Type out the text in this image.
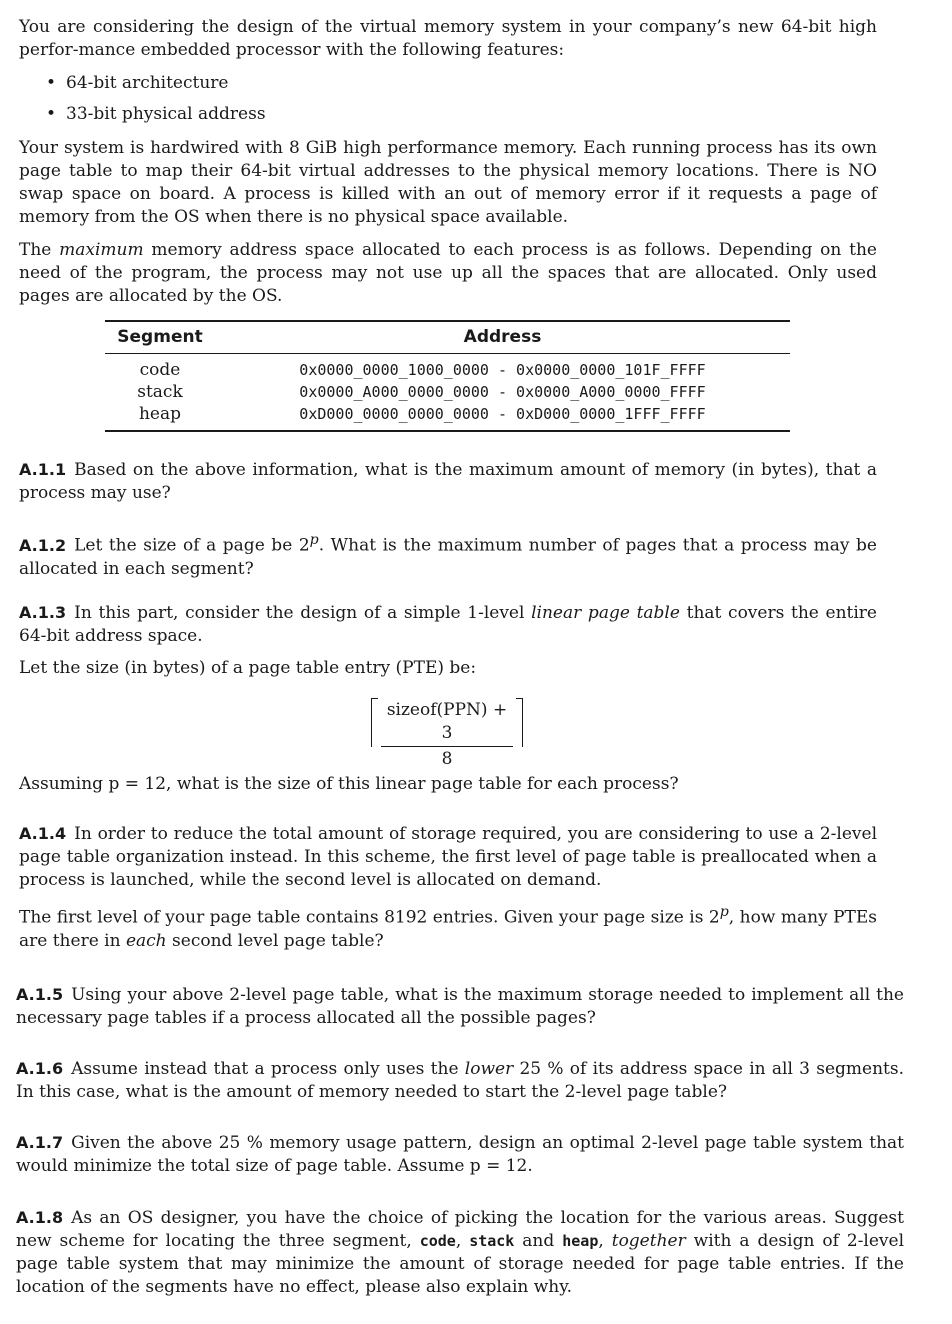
You are considering the design of the virtual memory system in your company’s new 64-bit high perfor-mance embedded processor with the following features:

• 64-bit architecture
• 33-bit physical address

Your system is hardwired with 8 GiB high performance memory. Each running process has its own page table to map their 64-bit virtual addresses to the physical memory locations. There is NO swap space on board. A process is killed with an out of memory error if it requests a page of memory from the OS when there is no physical space available.

The maximum memory address space allocated to each process is as follows. Depending on the need of the program, the process may not use up all the spaces that are allocated. Only used pages are allocated by the OS.

Segment	Address
code	0x0000_0000_1000_0000 - 0x0000_0000_101F_FFFF
stack	0x0000_A000_0000_0000 - 0x0000_A000_0000_FFFF
heap	0xD000_0000_0000_0000 - 0xD000_0000_1FFF_FFFF

A.1.1 Based on the above information, what is the maximum amount of memory (in bytes), that a process may use?

A.1.2 Let the size of a page be 2$^p$. What is the maximum number of pages that a process may be allocated in each segment?

A.1.3 In this part, consider the design of a simple 1-level linear page table that covers the entire 64-bit address space.

Let the size (in bytes) of a page table entry (PTE) be:

sizeof(PPN) + 3
8

Assuming p = 12, what is the size of this linear page table for each process?

A.1.4 In order to reduce the total amount of storage required, you are considering to use a 2-level page table organization instead. In this scheme, the first level of page table is preallocated when a process is launched, while the second level is allocated on demand.

The first level of your page table contains 8192 entries. Given your page size is 2$^p$, how many PTEs are there in each second level page table?

A.1.5 Using your above 2-level page table, what is the maximum storage needed to implement all the necessary page tables if a process allocated all the possible pages?

A.1.6 Assume instead that a process only uses the lower 25 % of its address space in all 3 segments. In this case, what is the amount of memory needed to start the 2-level page table?

A.1.7 Given the above 25 % memory usage pattern, design an optimal 2-level page table system that would minimize the total size of page table. Assume p = 12.

A.1.8 As an OS designer, you have the choice of picking the location for the various areas. Suggest new scheme for locating the three segment, code, stack and heap, together with a design of 2-level page table system that may minimize the amount of storage needed for page table entries. If the location of the segments have no effect, please also explain why.
